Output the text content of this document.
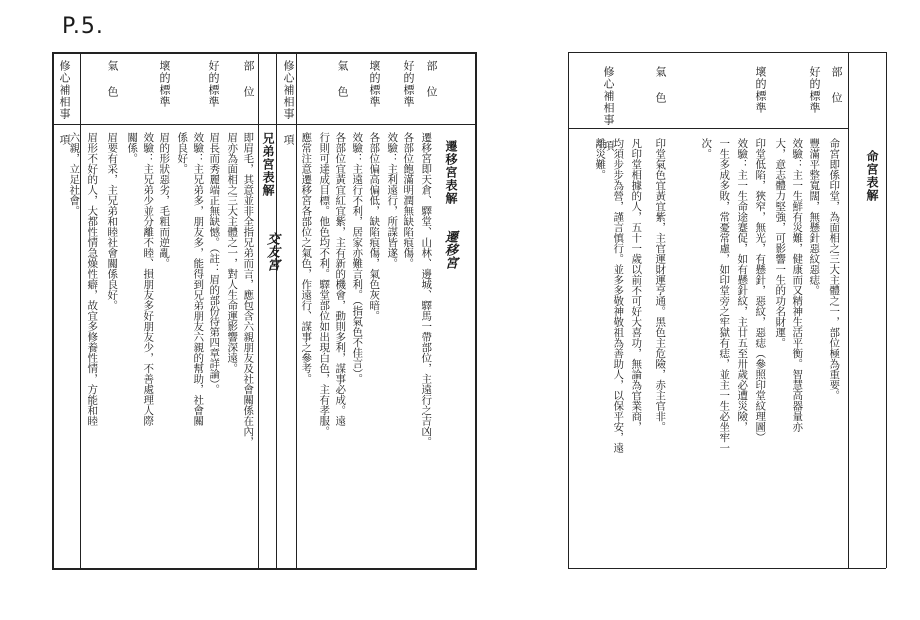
P.5.
遷移宮表解
遷移宮
部 位
遷移宮即天倉、驛堂、山林、邊城、驛馬一帶部位，主遠行之吉凶。
好的標準
各部位飽滿明潤無缺陷痕傷。
效驗：主利遠行，所謀皆遂。
壞的標準
各部位偏高偏低，缺陷痕傷，氣色灰暗。
效驗：主遠行不利，居家亦難言利。（指氣色不佳言）。
氣 色
各部位宜黃宜紅宜紫，主有新的機會，動則多利，謀事必成。遠
行則可達成目標。他色均不利。驛堂部位如出現白色，主有孝服。
修心補相事 項
應常注意遷移宮各部位之氣色，作遠行、謀事之參考。
兄弟宮表解
交友宮
部 位
即眉毛，其意並非全指兄弟而言，應包含六親朋友及社會關係在內，
眉亦為面相之三大主體之一，對人生命運影響深遠。
好的標準
眉長而秀麗端正無缺憾。（註：眉的部份待第四章詳論）。
效驗：主兄弟多，朋友多，能得到兄弟朋友六親的幫助，社會關
係良好。
壞的標準
眉的形狀惡劣，毛粗而逆亂。
效驗：主兄弟少並分離不睦、損朋友多好朋友少，不善處理人際
關係。
氣 色
眉要有采，主兄弟和睦社會關係良好。
修心補相事 項
眉形不好的人，大都性情急燥性癖，故宜多修養性情，方能和睦
六親，立足社會。	命宮表解
部 位
命宮即係印堂，為面相之三大主體之一，部位極為重要。
好的標準
豐滿平整寬闊，無懸針惡紋惡痣。
效驗：主一生鮮有災難，健康而又精神生活平衡。智慧高器量亦
大，意志體力堅強，可影響一生的功名財運。
壞的標準
印堂低陷，狹窄，無光，有懸針，惡紋，惡痣（參照印堂紋理圖）
效驗：主一生命途蹇促，如有懸針紋，主廿五至卅歲必遭災險，
一生多成多敗，常憂常慮，如印堂旁之牢獄有痣，並主一生必坐牢一
次。
氣 色
印堂氣色宜黃宜紫，主官運財運亨通。黑色主危險，赤主官非。
修心補相事 項
凡印堂相據的人，五十一歲以前不可好大喜功，無論為官業商，
均須步步為營，謹言慎行。並多多敬神敬祖為善助人，以保平安，遠
離災難。
